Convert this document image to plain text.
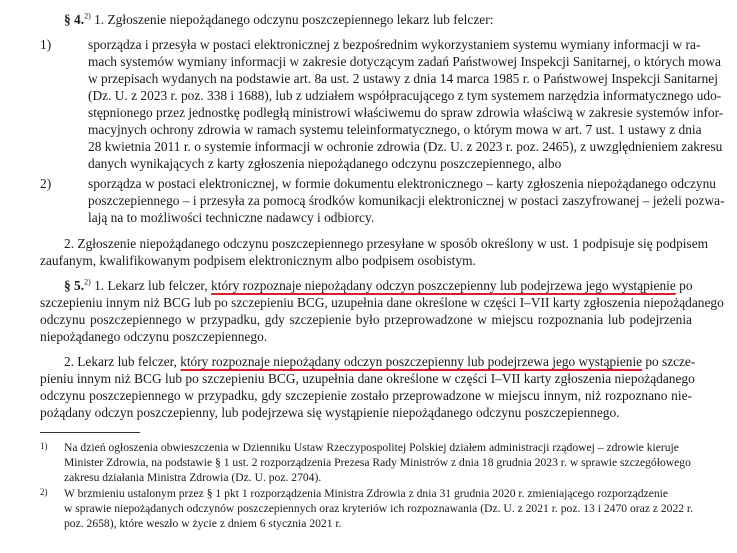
§ 4.$^{2)}$ 1. Zgłoszenie niepożądanego odczynu poszczepiennego lekarz lub felczer:
1)	sporządza i przesyła w postaci elektronicznej z bezpośrednim wykorzystaniem systemu wymiany informacji w ra-
mach systemów wymiany informacji w zakresie dotyczącym zadań Państwowej Inspekcji Sanitarnej, o których mowa
w przepisach wydanych na podstawie art. 8a ust. 2 ustawy z dnia 14 marca 1985 r. o Państwowej Inspekcji Sanitarnej
(Dz. U. z 2023 r. poz. 338 i 1688), lub z udziałem współpracującego z tym systemem narzędzia informatycznego udo-
stępnionego przez jednostkę podległą ministrowi właściwemu do spraw zdrowia właściwą w zakresie systemów infor-
macyjnych ochrony zdrowia w ramach systemu teleinformatycznego, o którym mowa w art. 7 ust. 1 ustawy z dnia
28 kwietnia 2011 r. o systemie informacji w ochronie zdrowia (Dz. U. z 2023 r. poz. 2465), z uwzględnieniem zakresu
danych wynikających z karty zgłoszenia niepożądanego odczynu poszczepiennego, albo
2)	sporządza w postaci elektronicznej, w formie dokumentu elektronicznego – karty zgłoszenia niepożądanego odczynu
poszczepiennego – i przesyła za pomocą środków komunikacji elektronicznej w postaci zaszyfrowanej – jeżeli pozwa-
lają na to możliwości techniczne nadawcy i odbiorcy.
2. Zgłoszenie niepożądanego odczynu poszczepiennego przesyłane w sposób określony w ust. 1 podpisuje się podpisem
zaufanym, kwalifikowanym podpisem elektronicznym albo podpisem osobistym.
§ 5.$^{2)}$ 1. Lekarz lub felczer, który rozpoznaje niepożądany odczyn poszczepienny lub podejrzewa jego wystąpienie
po
szczepieniu innym niż BCG lub po szczepieniu BCG, uzupełnia dane określone w części I–VII karty zgłoszenia niepożądanego
odczynu poszczepiennego w przypadku, gdy szczepienie było przeprowadzone w miejscu rozpoznania lub podejrzenia
niepożądanego odczynu poszczepiennego.
2. Lekarz lub felczer, który rozpoznaje niepożądany odczyn poszczepienny lub podejrzewa jego wystąpienie
po szcze-
pieniu innym niż BCG lub po szczepieniu BCG, uzupełnia dane określone w części I–VII karty zgłoszenia niepożądanego
odczynu poszczepiennego w przypadku, gdy szczepienie zostało przeprowadzone w miejscu innym, niż rozpoznano nie-
pożądany odczyn poszczepienny, lub podejrzewa się wystąpienie niepożądanego odczynu poszczepiennego.
1) Na dzień ogłoszenia obwieszczenia w Dzienniku Ustaw Rzeczypospolitej Polskiej działem administracji rządowej – zdrowie kieruje
Minister Zdrowia, na podstawie § 1 ust. 2 rozporządzenia Prezesa Rady Ministrów z dnia 18 grudnia 2023 r. w sprawie szczegółowego
zakresu działania Ministra Zdrowia (Dz. U. poz. 2704).
2) W brzmieniu ustalonym przez § 1 pkt 1 rozporządzenia Ministra Zdrowia z dnia 31 grudnia 2020 r. zmieniającego rozporządzenie
w sprawie niepożądanych odczynów poszczepiennych oraz kryteriów ich rozpoznawania (Dz. U. z 2021 r. poz. 13 i 2470 oraz z 2022 r.
poz. 2658), które weszło w życie z dniem 6 stycznia 2021 r.
